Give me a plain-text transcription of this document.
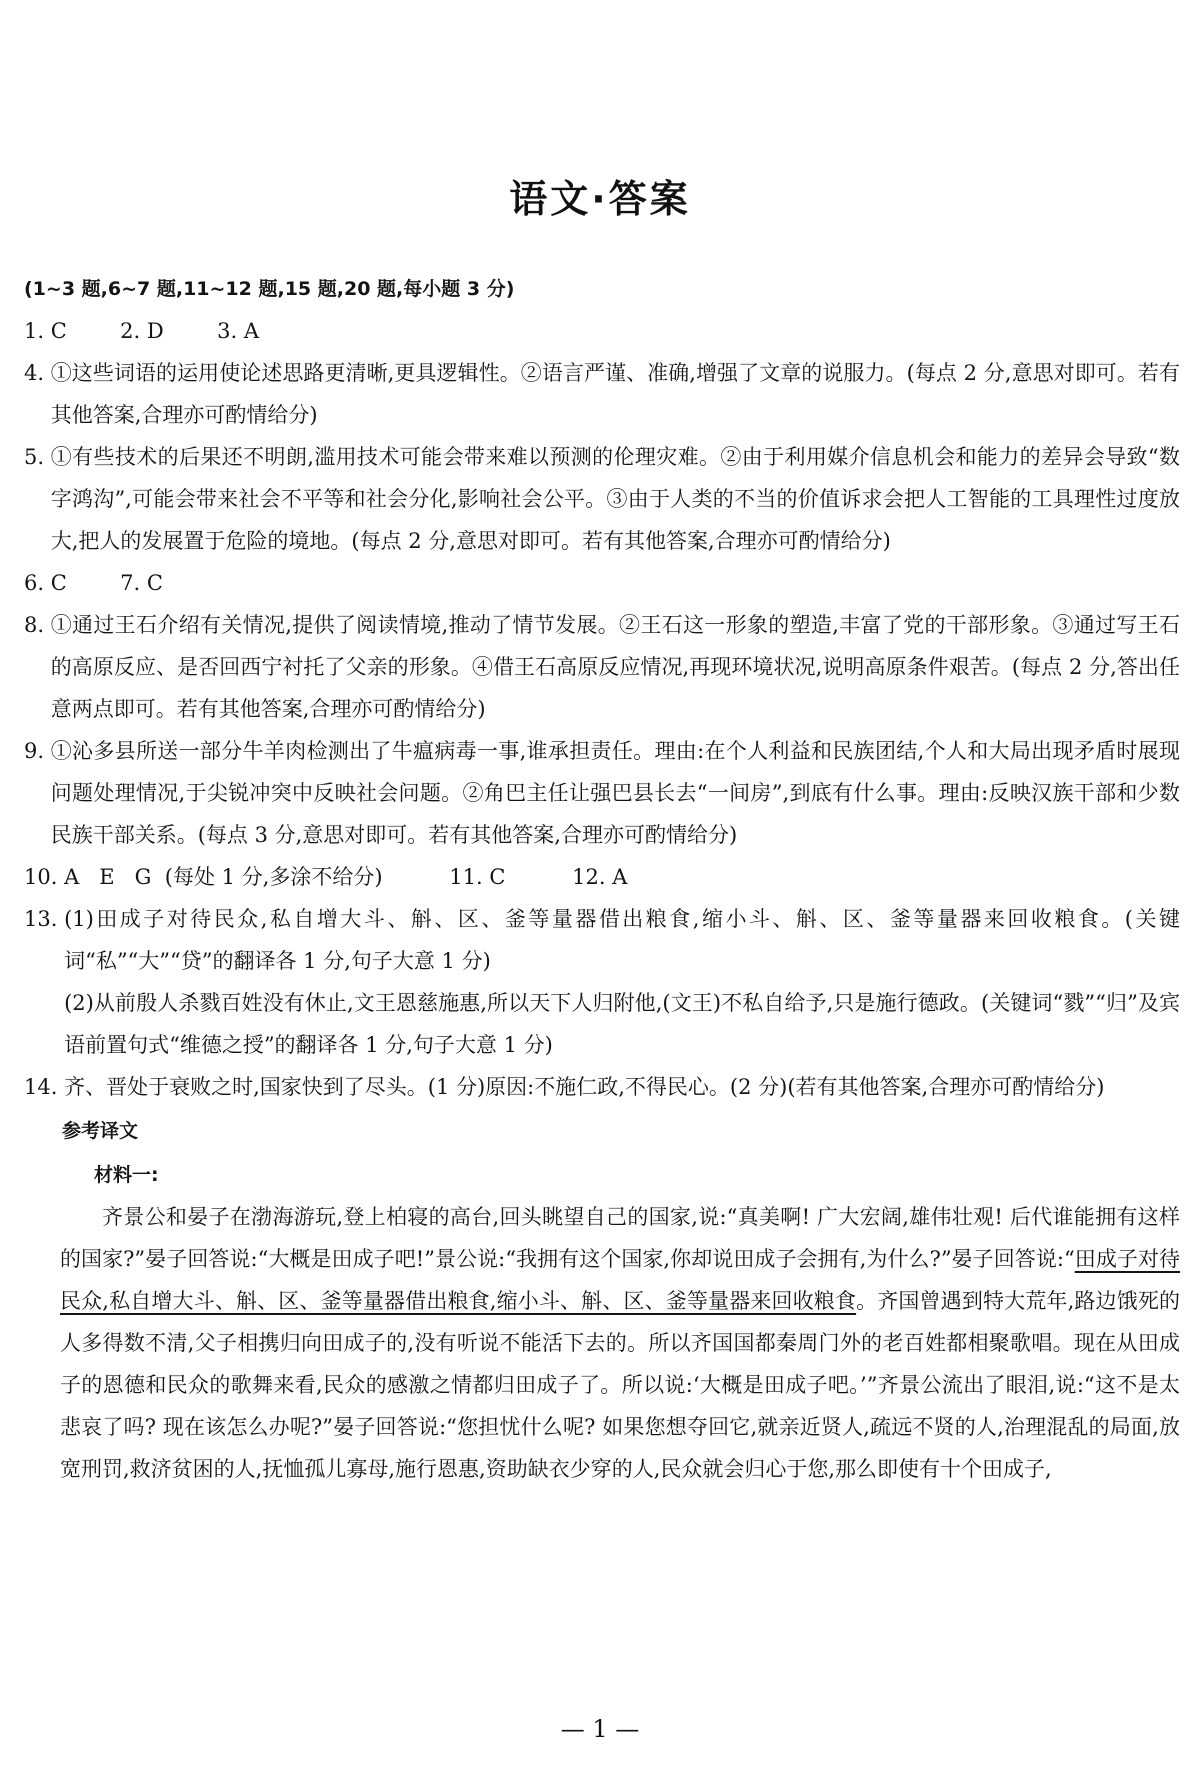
语文·答案
(1~3 题,6~7 题,11~12 题,15 题,20 题,每小题 3 分)
1. C        2. D        3. A
4. ①这些词语的运用使论述思路更清晰,更具逻辑性。②语言严谨、准确,增强了文章的说服力。(每点 2 分,意思对即可。若有其他答案,合理亦可酌情给分)
5. ①有些技术的后果还不明朗,滥用技术可能会带来难以预测的伦理灾难。②由于利用媒介信息机会和能力的差异会导致“数字鸿沟”,可能会带来社会不平等和社会分化,影响社会公平。③由于人类的不当的价值诉求会把人工智能的工具理性过度放大,把人的发展置于危险的境地。(每点 2 分,意思对即可。若有其他答案,合理亦可酌情给分)
6. C        7. C
8. ①通过王石介绍有关情况,提供了阅读情境,推动了情节发展。②王石这一形象的塑造,丰富了党的干部形象。③通过写王石的高原反应、是否回西宁衬托了父亲的形象。④借王石高原反应情况,再现环境状况,说明高原条件艰苦。(每点 2 分,答出任意两点即可。若有其他答案,合理亦可酌情给分)
9. ①沁多县所送一部分牛羊肉检测出了牛瘟病毒一事,谁承担责任。理由:在个人利益和民族团结,个人和大局出现矛盾时展现问题处理情况,于尖锐冲突中反映社会问题。②角巴主任让强巴县长去“一间房”,到底有什么事。理由:反映汉族干部和少数民族干部关系。(每点 3 分,意思对即可。若有其他答案,合理亦可酌情给分)
10. A   E   G  (每处 1 分,多涂不给分)          11. C          12. A
13. (1)田成子对待民众,私自增大斗、斛、区、釜等量器借出粮食,缩小斗、斛、区、釜等量器来回收粮食。(关键词“私”“大”“贷”的翻译各 1 分,句子大意 1 分)
(2)从前殷人杀戮百姓没有休止,文王恩慈施惠,所以天下人归附他,(文王)不私自给予,只是施行德政。(关键词“戮”“归”及宾语前置句式“维德之授”的翻译各 1 分,句子大意 1 分)
14. 齐、晋处于衰败之时,国家快到了尽头。(1 分)原因:不施仁政,不得民心。(2 分)(若有其他答案,合理亦可酌情给分)
参考译文
材料一:

齐景公和晏子在渤海游玩,登上柏寝的高台,回头眺望自己的国家,说:“真美啊! 广大宏阔,雄伟壮观! 后代谁能拥有这样的国家?”晏子回答说:“大概是田成子吧!”景公说:“我拥有这个国家,你却说田成子会拥有,为什么?”晏子回答说:“田成子对待民众,私自增大斗、斛、区、釜等量器借出粮食,缩小斗、斛、区、釜等量器来回收粮食。齐国曾遇到特大荒年,路边饿死的人多得数不清,父子相携归向田成子的,没有听说不能活下去的。所以齐国国都秦周门外的老百姓都相聚歌唱。现在从田成子的恩德和民众的歌舞来看,民众的感激之情都归田成子了。所以说:‘大概是田成子吧。’”齐景公流出了眼泪,说:“这不是太悲哀了吗? 现在该怎么办呢?”晏子回答说:“您担忧什么呢? 如果您想夺回它,就亲近贤人,疏远不贤的人,治理混乱的局面,放宽刑罚,救济贫困的人,抚恤孤儿寡母,施行恩惠,资助缺衣少穿的人,民众就会归心于您,那么即使有十个田成子,

— 1 —
